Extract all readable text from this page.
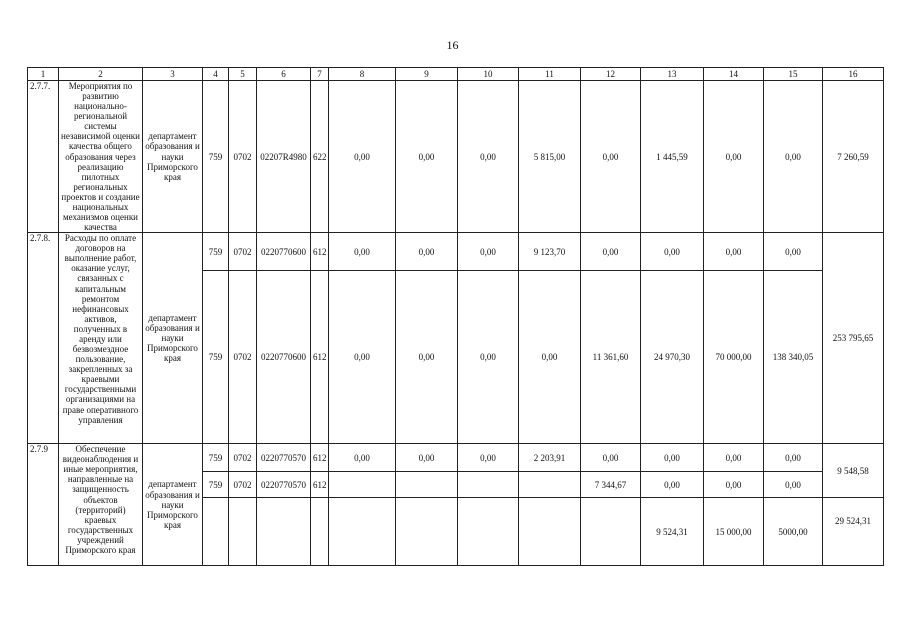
16
1	2	3	4	5	6	7	8	9	10	11	12	13	14	15	16
2.7.7.	Мероприятия по развитию национально-региональной системы независимой оценки качества общего образования через реализацию пилотных региональных проектов и создание национальных механизмов оценки качества	департамент образования и науки Приморского края	759	0702	02207R4980	622	0,00	0,00	0,00	5 815,00	0,00	1 445,59	0,00	0,00	7 260,59
2.7.8.	Расходы по оплате договоров на выполнение работ, оказание услуг, связанных с капитальным ремонтом нефинансовых активов, полученных в аренду или безвозмездное пользование, закрепленных за краевыми государственными организациями на праве оперативного управления	департамент образования и науки Приморского края	759	0702	0220770600	612	0,00	0,00	0,00	9 123,70	0,00	0,00	0,00	0,00	253 795,65
			759	0702	0220770600	612	0,00	0,00	0,00	0,00	11 361,60	24 970,30	70 000,00	138 340,05	
2.7.9	Обеспечение видеонаблюдения и иные мероприятия, направленные на защищенность объектов (территорий) краевых государственных учреждений Приморского края	департамент образования и науки Приморского края	759	0702	0220770570	612	0,00	0,00	0,00	2 203,91	0,00	0,00	0,00	0,00	9 548,58
			759	0702	0220770570	612					7 344,67	0,00	0,00	0,00	
												9 524,31	15 000,00	5000,00	29 524,31
